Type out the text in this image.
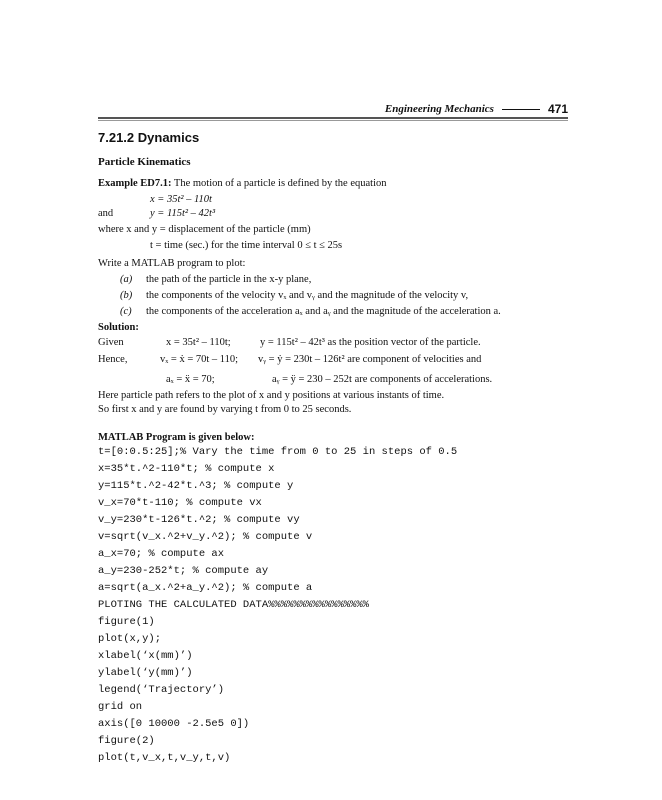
Engineering Mechanics	471
7.21.2 Dynamics
Particle Kinematics
Example ED7.1: The motion of a particle is defined by the equation
x = 35t² – 110t
and	y = 115t² – 42t³
where x and y = displacement of the particle (mm)
t = time (sec.) for the time interval 0 ≤ t ≤ 25s
Write a MATLAB program to plot:
(a) the path of the particle in the x-y plane,
(b) the components of the velocity vₓ and vᵧ and the magnitude of the velocity v,
(c) the components of the acceleration aₓ and aᵧ and the magnitude of the acceleration a.
Solution:
Given	x = 35t² – 110t;	y = 115t² – 42t³ as the position vector of the particle.
Hence,	vₓ = ẋ = 70t – 110; vᵧ = ẏ = 230t – 126t² are component of velocities and
aₓ = ẍ = 70;	aᵧ = ÿ = 230 – 252t are components of accelerations.
Here particle path refers to the plot of x and y positions at various instants of time.
So first x and y are found by varying t from 0 to 25 seconds.
MATLAB Program is given below:
t=[0:0.5:25];% Vary the time from 0 to 25 in steps of 0.5
x=35*t.^2-110*t; % compute x
y=115*t.^2-42*t.^3; % compute y
v_x=70*t-110; % compute vx
v_y=230*t-126*t.^2; % compute vy
v=sqrt(v_x.^2+v_y.^2); % compute v
a_x=70; % compute ax
a_y=230-252*t; % compute ay
a=sqrt(a_x.^2+a_y.^2); % compute a
PLOTING THE CALCULATED DATA%%%%%%%%%%%%%%%%
figure(1)
plot(x,y);
xlabel(‘x(mm)’)
ylabel(‘y(mm)’)
legend(‘Trajectory’)
grid on
axis([0 10000 -2.5e5 0])
figure(2)
plot(t,v_x,t,v_y,t,v)
